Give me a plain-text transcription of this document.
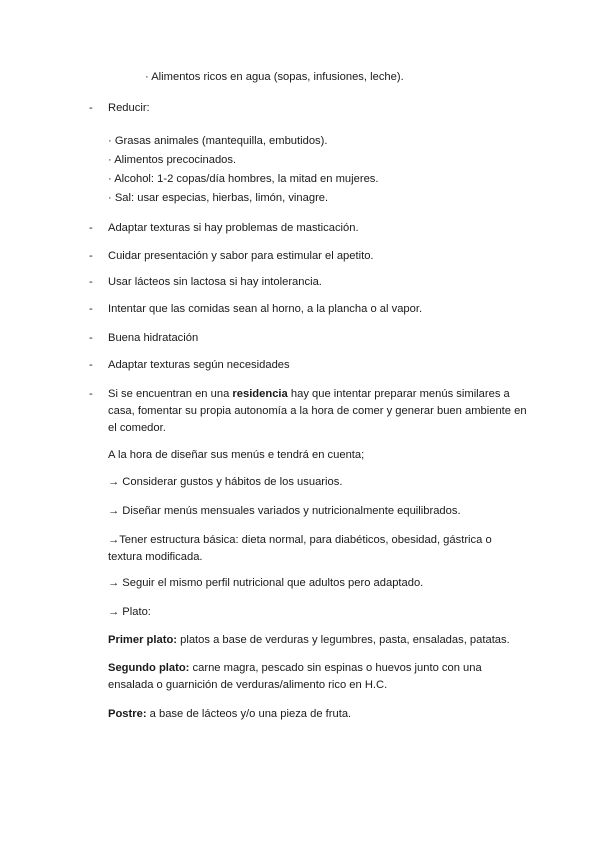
· Alimentos ricos en agua (sopas, infusiones, leche).
- Reducir:
· Grasas animales (mantequilla, embutidos).
· Alimentos precocinados.
· Alcohol: 1-2 copas/día hombres, la mitad en mujeres.
· Sal: usar especias, hierbas, limón, vinagre.
- Adaptar texturas si hay problemas de masticación.
- Cuidar presentación y sabor para estimular el apetito.
- Usar lácteos sin lactosa si hay intolerancia.
- Intentar que las comidas sean al horno, a la plancha o al vapor.
- Buena hidratación
- Adaptar texturas según necesidades
- Si se encuentran en una residencia hay que intentar preparar menús similares a casa, fomentar su propia autonomía a la hora de comer y generar buen ambiente en el comedor.
A la hora de diseñar sus menús e tendrá en cuenta;
→ Considerar gustos y hábitos de los usuarios.
→ Diseñar menús mensuales variados y nutricionalmente equilibrados.
→Tener estructura básica: dieta normal, para diabéticos, obesidad, gástrica o textura modificada.
→ Seguir el mismo perfil nutricional que adultos pero adaptado.
→ Plato:
Primer plato: platos a base de verduras y legumbres, pasta, ensaladas, patatas.
Segundo plato: carne magra, pescado sin espinas o huevos junto con una ensalada o guarnición de verduras/alimento rico en H.C.
Postre: a base de lácteos y/o una pieza de fruta.
